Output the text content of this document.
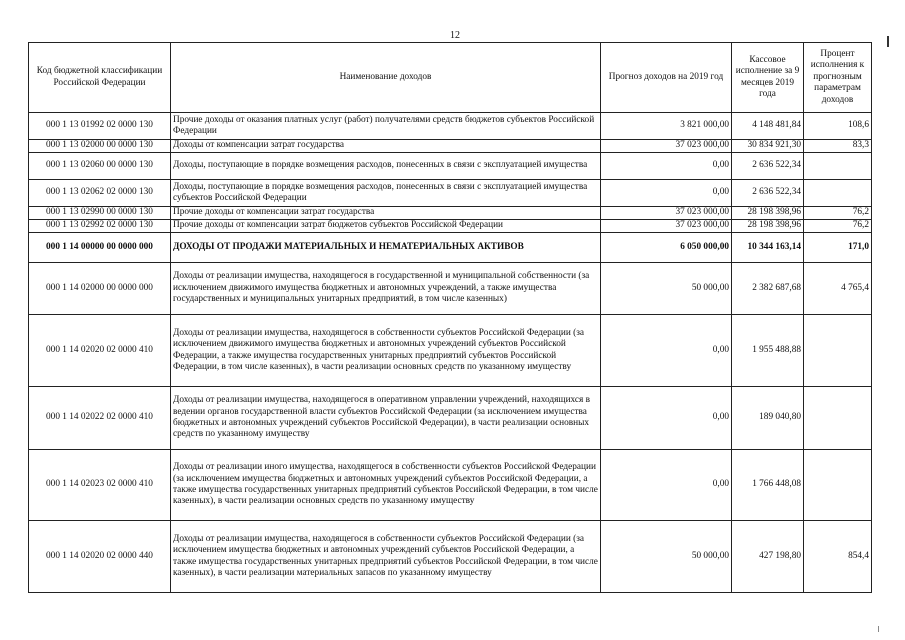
12
Код бюджетной классификации Российской Федерации	Наименование доходов	Прогноз доходов на 2019 год	Кассовое исполнение за 9 месяцев 2019 года	Процент исполнения к прогнозным параметрам доходов
000 1 13 01992 02 0000 130	Прочие доходы от оказания платных услуг (работ) получателями средств бюджетов субъектов Российской Федерации	3 821 000,00	4 148 481,84	108,6
000 1 13 02000 00 0000 130	Доходы от компенсации затрат государства	37 023 000,00	30 834 921,30	83,3
000 1 13 02060 00 0000 130	Доходы, поступающие в порядке возмещения расходов, понесенных в связи с эксплуатацией имущества	0,00	2 636 522,34	
000 1 13 02062 02 0000 130	Доходы, поступающие в порядке возмещения расходов, понесенных в связи с эксплуатацией имущества субъектов Российской Федерации	0,00	2 636 522,34	
000 1 13 02990 00 0000 130	Прочие доходы от компенсации затрат государства	37 023 000,00	28 198 398,96	76,2
000 1 13 02992 02 0000 130	Прочие доходы от компенсации затрат бюджетов субъектов Российской Федерации	37 023 000,00	28 198 398,96	76,2
000 1 14 00000 00 0000 000	ДОХОДЫ ОТ ПРОДАЖИ МАТЕРИАЛЬНЫХ И НЕМАТЕРИАЛЬНЫХ АКТИВОВ	6 050 000,00	10 344 163,14	171,0
000 1 14 02000 00 0000 000	Доходы от реализации имущества, находящегося в государственной и муниципальной собственности (за исключением движимого имущества бюджетных и автономных учреждений, а также имущества государственных и муниципальных унитарных предприятий, в том числе казенных)	50 000,00	2 382 687,68	4 765,4
000 1 14 02020 02 0000 410	Доходы от реализации имущества, находящегося в собственности субъектов Российской Федерации (за исключением движимого имущества бюджетных и автономных учреждений субъектов Российской Федерации, а также имущества государственных унитарных предприятий субъектов Российской Федерации, в том числе казенных), в части реализации основных средств по указанному имуществу	0,00	1 955 488,88	
000 1 14 02022 02 0000 410	Доходы от реализации имущества, находящегося в оперативном управлении учреждений, находящихся в ведении органов государственной власти субъектов Российской Федерации (за исключением имущества бюджетных и автономных учреждений субъектов Российской Федерации), в части реализации основных средств по указанному имуществу	0,00	189 040,80	
000 1 14 02023 02 0000 410	Доходы от реализации иного имущества, находящегося в собственности субъектов Российской Федерации (за исключением имущества бюджетных и автономных учреждений субъектов Российской Федерации, а также имущества государственных унитарных предприятий субъектов Российской Федерации, в том числе казенных), в части реализации основных средств по указанному имуществу	0,00	1 766 448,08	
000 1 14 02020 02 0000 440	Доходы от реализации имущества, находящегося в собственности субъектов Российской Федерации (за исключением имущества бюджетных и автономных учреждений субъектов Российской Федерации, а также имущества государственных унитарных предприятий субъектов Российской Федерации, в том числе казенных), в части реализации материальных запасов по указанному имуществу	50 000,00	427 198,80	854,4
